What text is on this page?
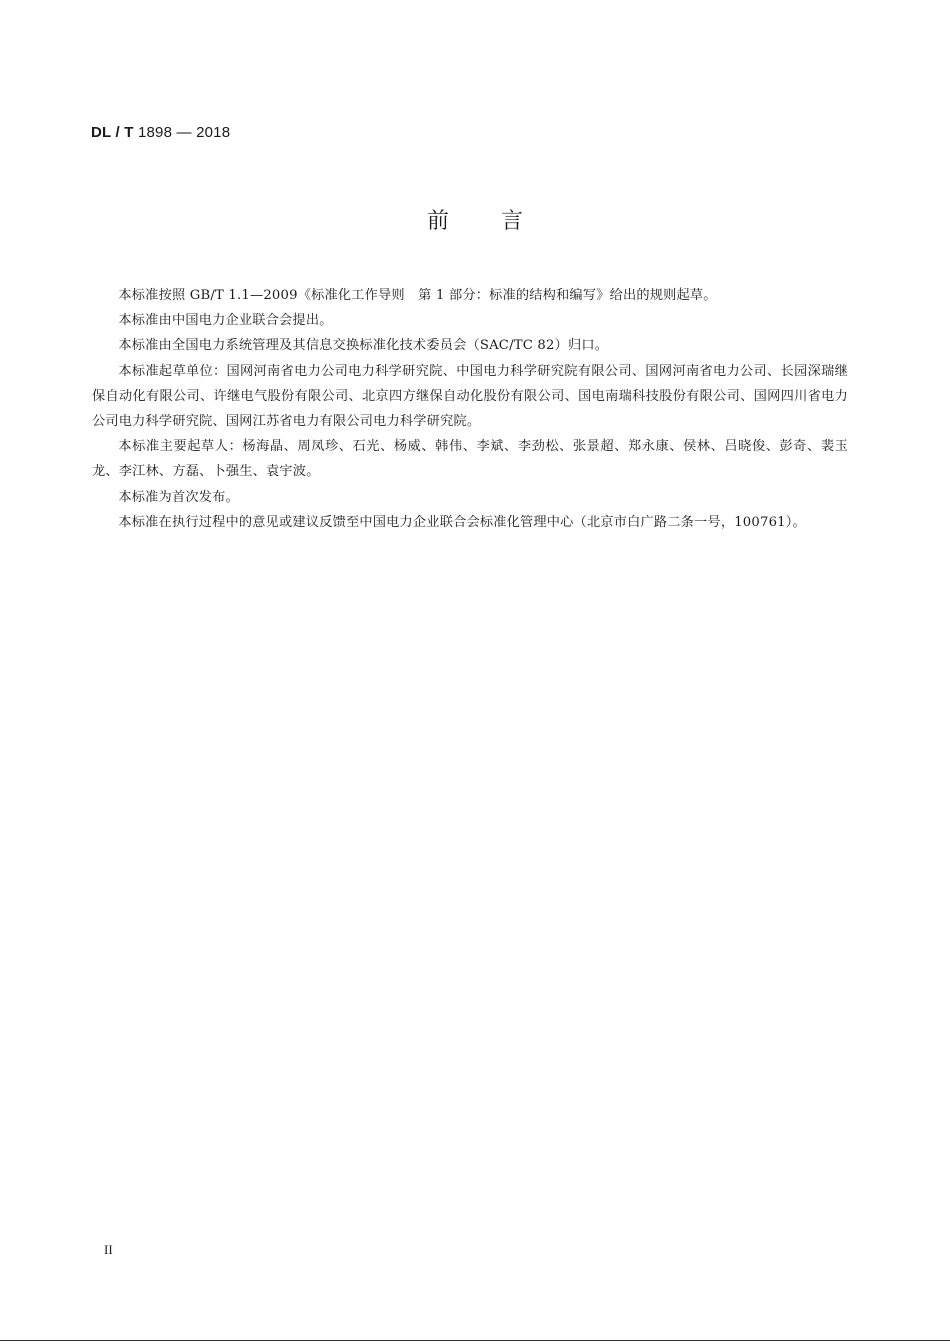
DL / T 1898 — 2018
前言

本标准按照 GB/T 1.1—2009《标准化工作导则　第 1 部分：标准的结构和编写》给出的规则起草。

本标准由中国电力企业联合会提出。

本标准由全国电力系统管理及其信息交换标准化技术委员会（SAC/TC 82）归口。

本标准起草单位：国网河南省电力公司电力科学研究院、中国电力科学研究院有限公司、国网河南省电力公司、长园深瑞继保自动化有限公司、许继电气股份有限公司、北京四方继保自动化股份有限公司、国电南瑞科技股份有限公司、国网四川省电力公司电力科学研究院、国网江苏省电力有限公司电力科学研究院。

本标准主要起草人：杨海晶、周凤珍、石光、杨威、韩伟、李斌、李劲松、张景超、郑永康、侯林、吕晓俊、彭奇、裴玉龙、李江林、方磊、卜强生、袁宇波。

本标准为首次发布。

本标准在执行过程中的意见或建议反馈至中国电力企业联合会标准化管理中心（北京市白广路二条一号，100761）。

II
